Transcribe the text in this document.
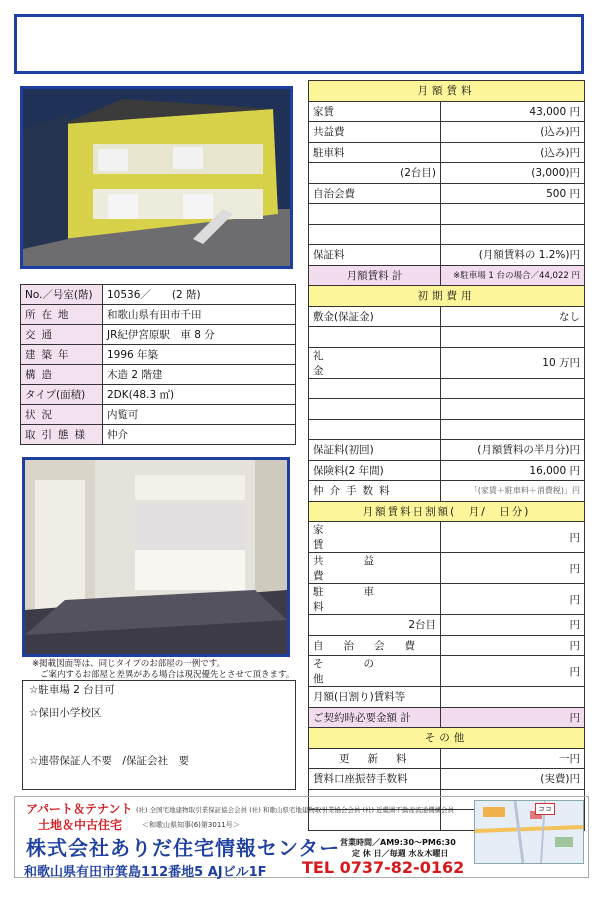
No.／号室(階)	10536／　　(2 階)
所在地	和歌山県有田市千田
交通	JR紀伊宮原駅　車 8 分
建築年	1996 年築
構造	木造 2 階建
タイプ(面積)	2DK(48.3 ㎡)
状況	内覧可
取引態様	仲介
※掲載図面等は、同じタイプのお部屋の一例です。
ご案内するお部屋と差異がある場合は現況優先とさせて頂きます。
☆駐車場 2 台目可
☆保田小学校区
☆連帯保証人不要　/保証会社　要
月額賃料	
家賃	43,000 円
共益費	(込み)円
駐車料	(込み)円
(2台目)	(3,000)円
自治会費	500 円

保証料	(月額賃料の 1.2%)円
月額賃料 計	※駐車場 1 台の場合／44,022 円
初期費用	
敷金(保証金)	なし

礼金	10 万円

保証料(初回)	(月額賃料の半月分)円
保険料(2 年間)	16,000 円
仲介手数料	「(家賃＋駐車料＋消費税)」円
月額賃料日割額(　月/　日分)	
家賃	円
共益費	円
駐車料	円
2台目	円
自治会費	円
その他	円
月額(日割り)賃料等	
ご契約時必要金額 計	円
その他	
更新料	一円
賃料口座振替手数料	(実費)円

アパート＆テナント
土地＆中古住宅
(社) 全国宅地建物取引業保証協会会員 (社) 和歌山県宅地建物取引業協会会員 (社) 近畿圏不動産流通機構会員
＜和歌山県知事(6)第3011号＞
株式会社ありだ住宅情報センター 営業時間／AM9:30～PM6:30
定 休 日／毎週 水＆木曜日
和歌山県有田市箕島112番地5 AJビル1F TEL 0737-82-0162
ココ
